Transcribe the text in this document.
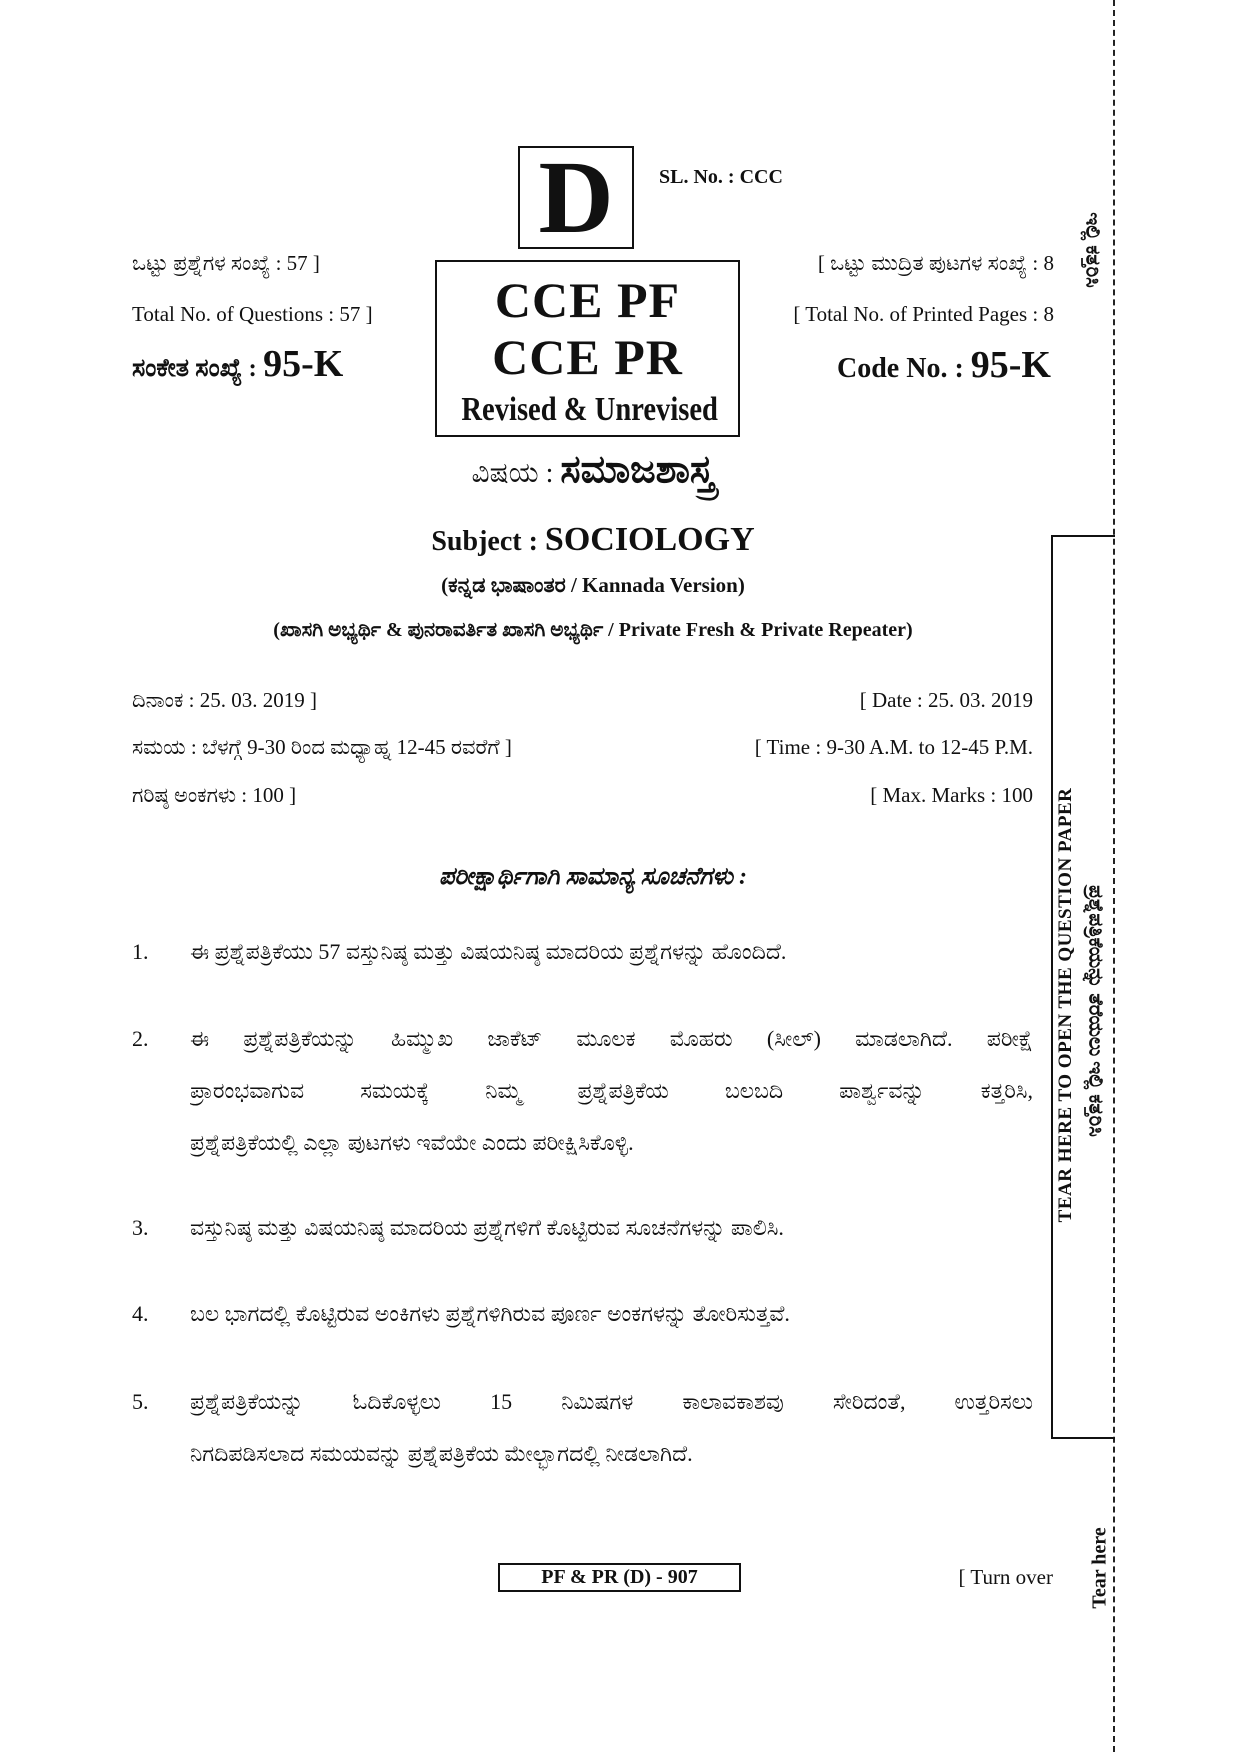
D	SL. No. : CCC
ಒಟ್ಟು ಪ್ರಶ್ನೆಗಳ ಸಂಖ್ಯೆ : 57 ]
Total No. of Questions : 57 ]
ಸಂಕೇತ ಸಂಖ್ಯೆ : 95-K
CCE PF
CCE PR
Revised & Unrevised
[ ಒಟ್ಟು ಮುದ್ರಿತ ಪುಟಗಳ ಸಂಖ್ಯೆ : 8
[ Total No. of Printed Pages : 8
Code No. : 95-K
ವಿಷಯ : ಸಮಾಜಶಾಸ್ತ್ರ
Subject : SOCIOLOGY
(ಕನ್ನಡ ಭಾಷಾಂತರ / Kannada Version)
(ಖಾಸಗಿ ಅಭ್ಯರ್ಥಿ & ಪುನರಾವರ್ತಿತ ಖಾಸಗಿ ಅಭ್ಯರ್ಥಿ / Private Fresh & Private Repeater)
ದಿನಾಂಕ : 25. 03. 2019 ]	[ Date : 25. 03. 2019
ಸಮಯ : ಬೆಳಗ್ಗೆ 9-30 ರಿಂದ ಮಧ್ಯಾಹ್ನ 12-45 ರವರೆಗೆ ]	[ Time : 9-30 A.M. to 12-45 P.M.
ಗರಿಷ್ಠ ಅಂಕಗಳು : 100 ]	[ Max. Marks : 100
ಪರೀಕ್ಷಾರ್ಥಿಗಾಗಿ ಸಾಮಾನ್ಯ ಸೂಚನೆಗಳು :
1.	ಈ ಪ್ರಶ್ನೆಪತ್ರಿಕೆಯು 57 ವಸ್ತುನಿಷ್ಠ ಮತ್ತು ವಿಷಯನಿಷ್ಠ ಮಾದರಿಯ ಪ್ರಶ್ನೆಗಳನ್ನು ಹೊಂದಿದೆ.
2.	ಈ ಪ್ರಶ್ನೆಪತ್ರಿಕೆಯನ್ನು ಹಿಮ್ಮುಖ ಜಾಕೆಟ್ ಮೂಲಕ ಮೊಹರು (ಸೀಲ್) ಮಾಡಲಾಗಿದೆ. ಪರೀಕ್ಷೆ
ಪ್ರಾರಂಭವಾಗುವ ಸಮಯಕ್ಕೆ ನಿಮ್ಮ ಪ್ರಶ್ನೆಪತ್ರಿಕೆಯ ಬಲಬದಿ ಪಾರ್ಶ್ವವನ್ನು ಕತ್ತರಿಸಿ,
ಪ್ರಶ್ನೆಪತ್ರಿಕೆಯಲ್ಲಿ ಎಲ್ಲಾ ಪುಟಗಳು ಇವೆಯೇ ಎಂದು ಪರೀಕ್ಷಿಸಿಕೊಳ್ಳಿ.
3.	ವಸ್ತುನಿಷ್ಠ ಮತ್ತು ವಿಷಯನಿಷ್ಠ ಮಾದರಿಯ ಪ್ರಶ್ನೆಗಳಿಗೆ ಕೊಟ್ಟಿರುವ ಸೂಚನೆಗಳನ್ನು ಪಾಲಿಸಿ.
4.	ಬಲ ಭಾಗದಲ್ಲಿ ಕೊಟ್ಟಿರುವ ಅಂಕಿಗಳು ಪ್ರಶ್ನೆಗಳಿಗಿರುವ ಪೂರ್ಣ ಅಂಕಗಳನ್ನು ತೋರಿಸುತ್ತವೆ.
5.	ಪ್ರಶ್ನೆಪತ್ರಿಕೆಯನ್ನು ಓದಿಕೊಳ್ಳಲು 15 ನಿಮಿಷಗಳ ಕಾಲಾವಕಾಶವು ಸೇರಿದಂತೆ, ಉತ್ತರಿಸಲು
ನಿಗದಿಪಡಿಸಲಾದ ಸಮಯವನ್ನು ಪ್ರಶ್ನೆಪತ್ರಿಕೆಯ ಮೇಲ್ಭಾಗದಲ್ಲಿ ನೀಡಲಾಗಿದೆ.
PF & PR (D) - 907	[ Turn over
ಇಲ್ಲಿ ಕತ್ತರಿಸಿ
TEAR HERE TO OPEN THE QUESTION PAPER ಪ್ರಶ್ನೆಪತ್ರಿಕೆಯನ್ನು ತೆರೆಯಲು ಇಲ್ಲಿ ಕತ್ತರಿಸಿ
Tear here
